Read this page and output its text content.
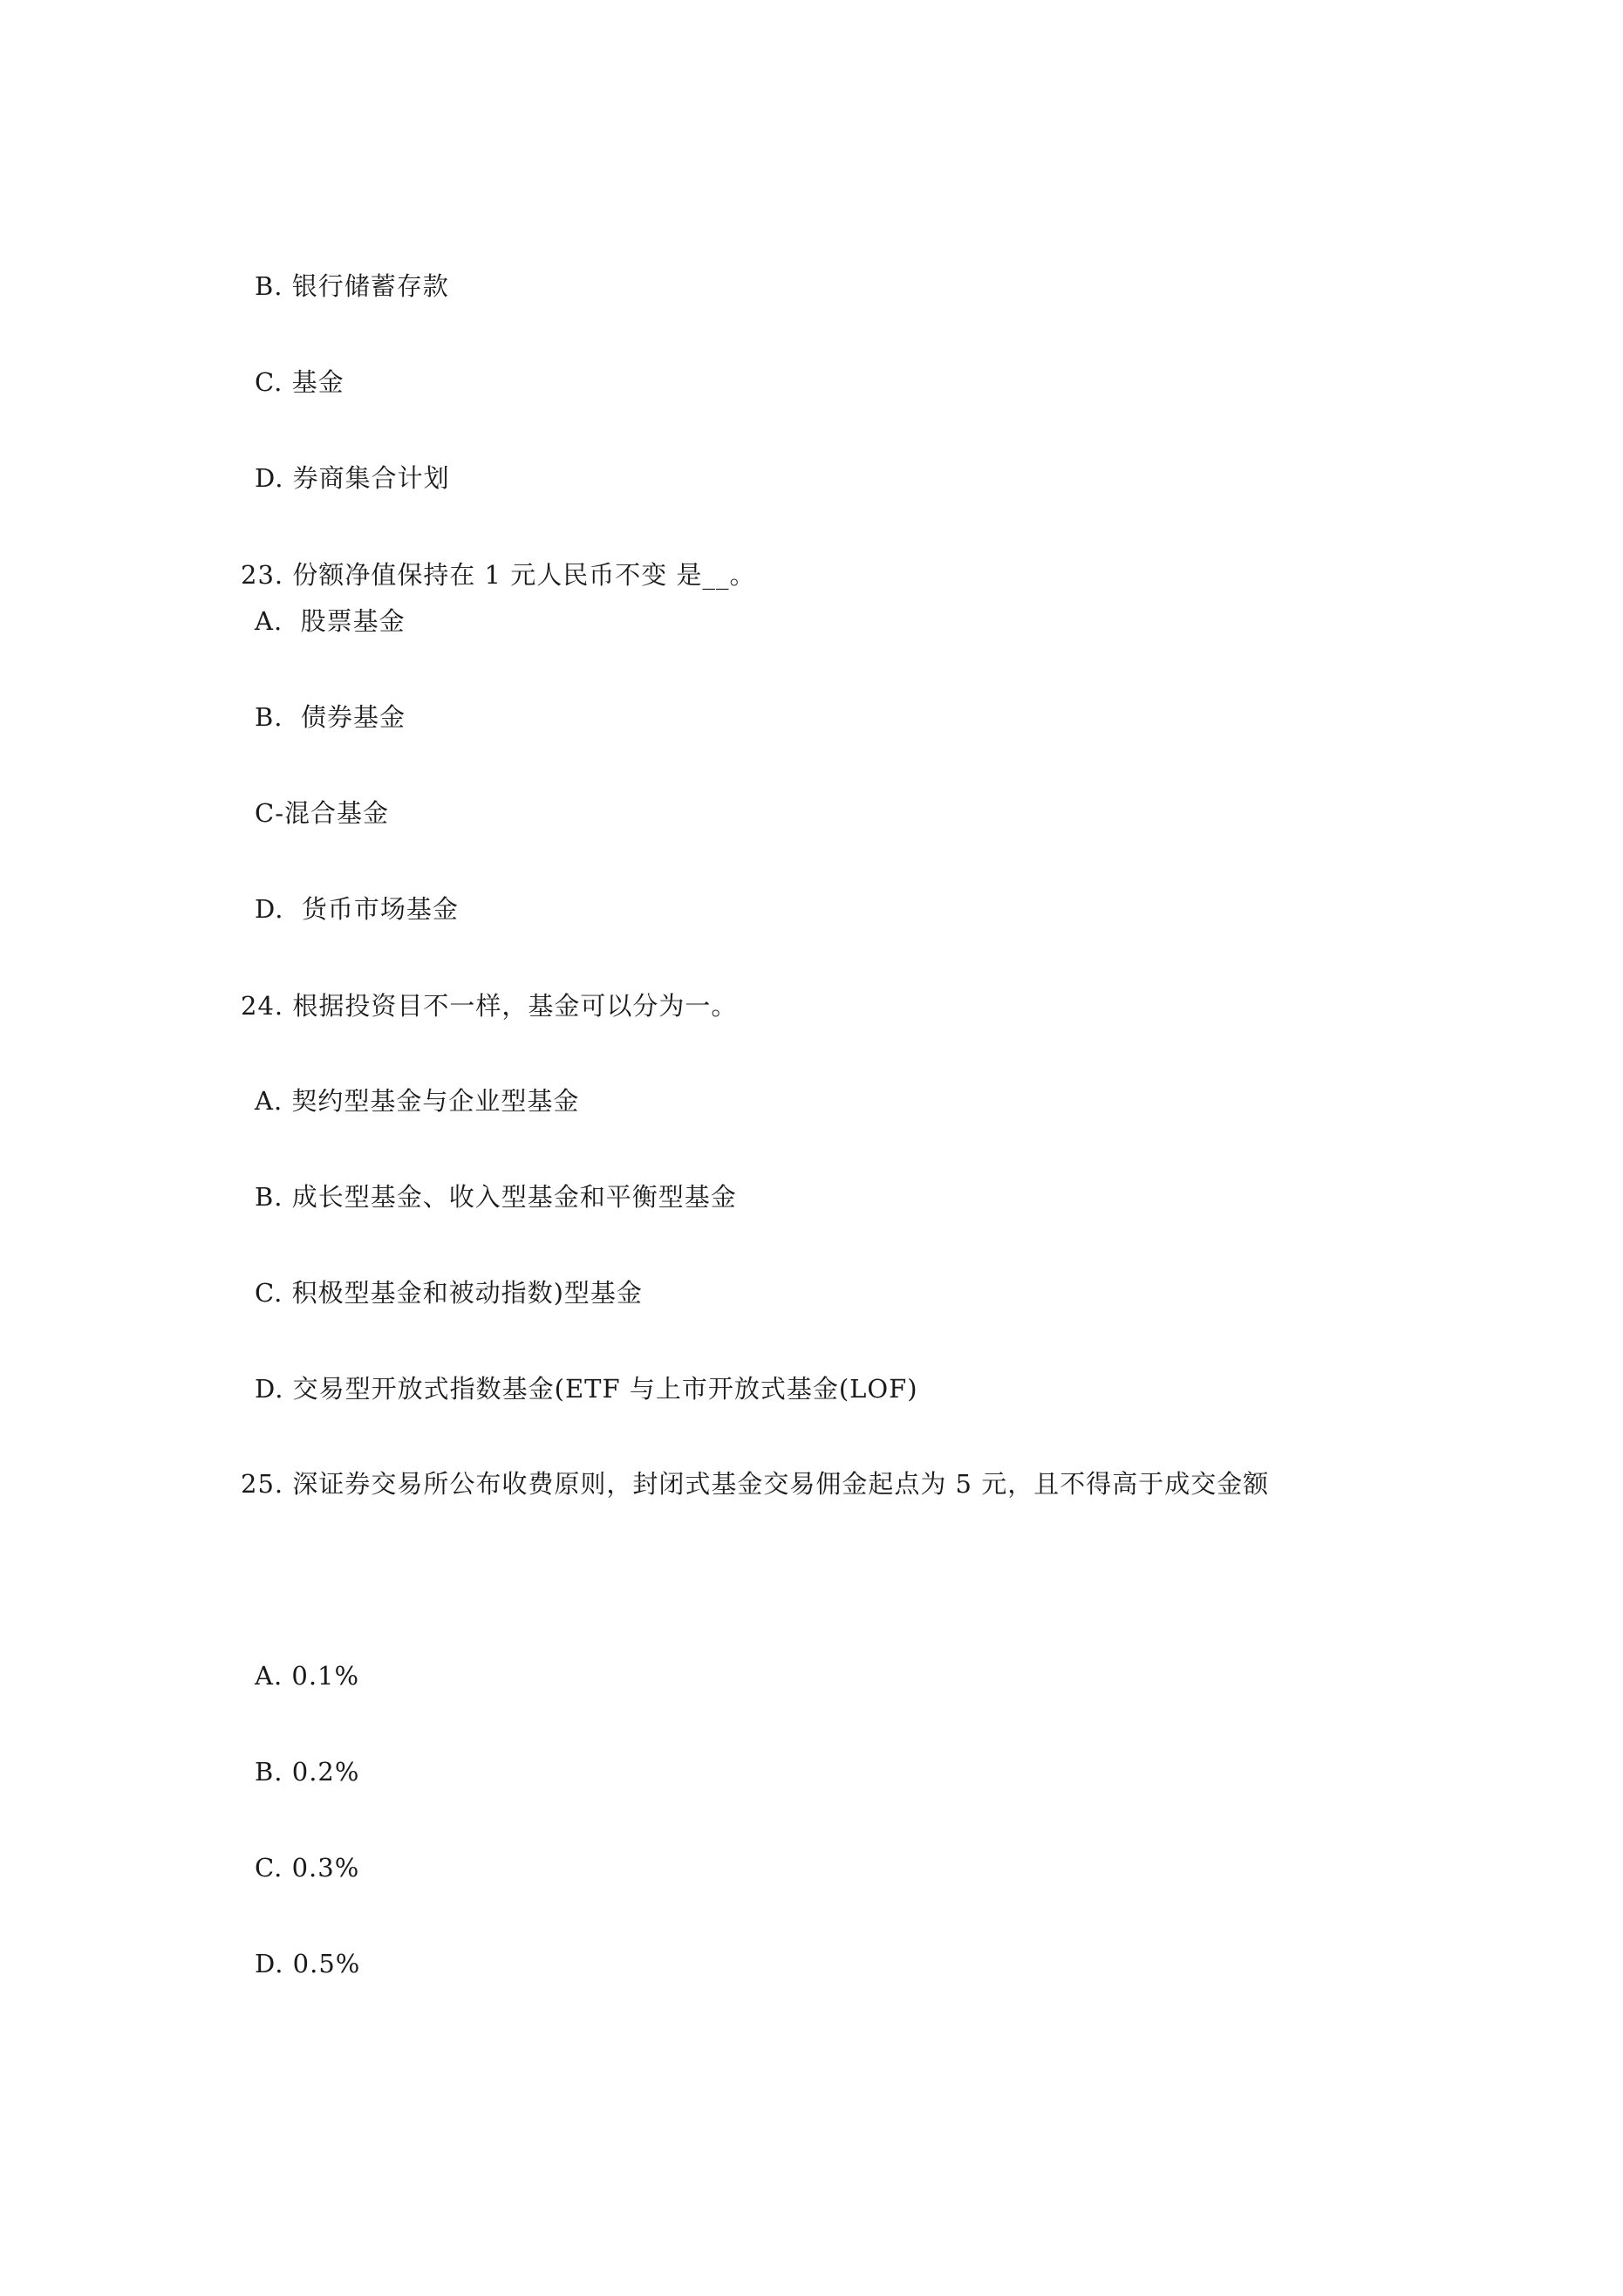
B. 银行储蓄存款
C. 基金
D. 券商集合计划
23. 份额净值保持在 1 元人民币不变 是__。
A.  股票基金
B.  债券基金
C-混合基金
D.  货币市场基金
24. 根据投资目不一样，基金可以分为一。
A. 契约型基金与企业型基金
B. 成长型基金、收入型基金和平衡型基金
C. 积极型基金和被动指数)型基金
D. 交易型开放式指数基金(ETF 与上市开放式基金(LOF)
25. 深证券交易所公布收费原则，封闭式基金交易佣金起点为 5 元，且不得高于成交金额
A. 0.1%
B. 0.2%
C. 0.3%
D. 0.5%
